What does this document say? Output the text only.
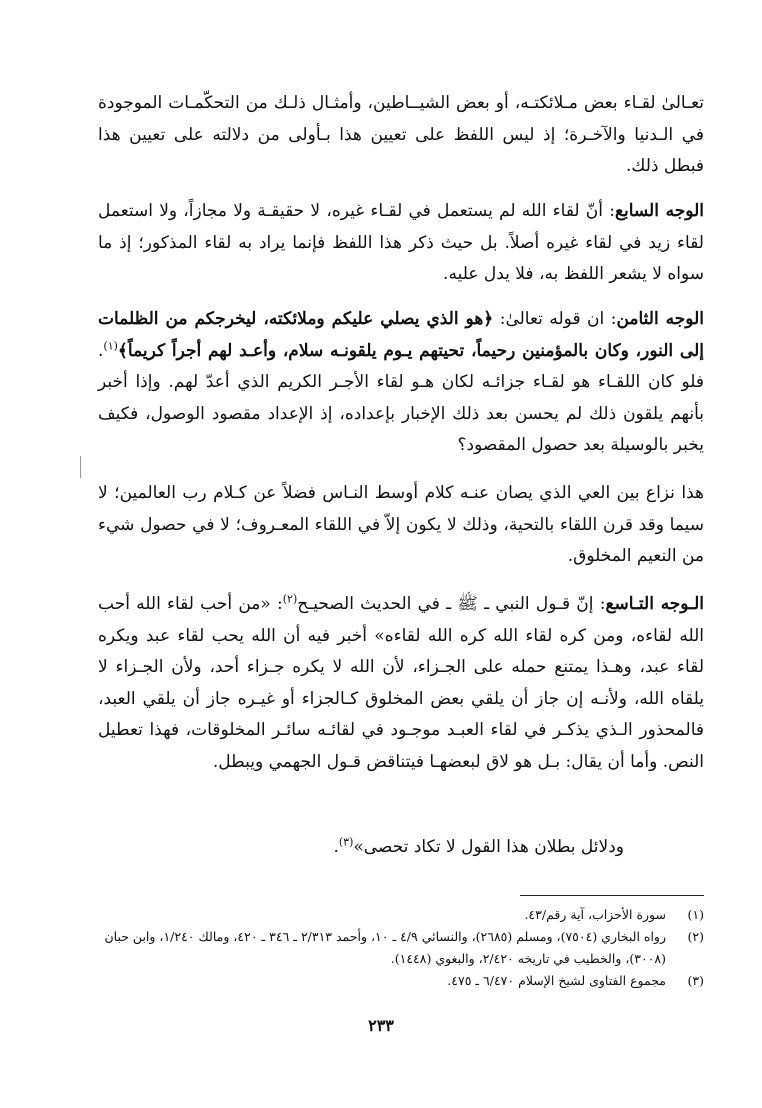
تعـالىٰ لقـاء بعض مـلائكتـه، أو بعض الشيــاطين، وأمثـال ذلـك من التحكّمـات الموجودة في الـدنيا والآخـرة؛ إذ ليس اللفظ على تعيين هذا بـأولى من دلالته على تعيين هذا فبطل ذلك.

الوجه السابع: أنّ لقاء الله لم يستعمل في لقـاء غيره، لا حقيقـة ولا مجازاً، ولا استعمل لقاء زيد في لقاء غيره أصلاً. بل حيث ذكر هذا اللفظ فإنما يراد به لقاء المذكور؛ إذ ما سواه لا يشعر اللفظ به، فلا يدل عليه.

الوجه الثامن: ان قوله تعالىٰ: ﴿هو الذي يصلي عليكم وملائكته، ليخرجكم من الظلمات إلى النور، وكان بالمؤمنين رحيماً، تحيتهم يـوم يلقونـه سلام، وأعـد لهم أجراً كريماً﴾$^{(١)}$. فلو كان اللقـاء هو لقـاء جزائـه لكان هـو لقاء الأجـر الكريم الذي أعدّ لهم. وإذا أخبر بأنهم يلقون ذلك لم يحسن بعد ذلك الإخبار بإعداده، إذ الإعداد مقصود الوصول، فكيف يخبر بالوسيلة بعد حصول المقصود؟

هذا نزاع بين العي الذي يصان عنـه كلام أوسط النـاس فضلاً عن كـلام رب العالمين؛ لا سيما وقد قرن اللقاء بالتحية، وذلك لا يكون إلاّ في اللقاء المعـروف؛ لا في حصول شيء من النعيم المخلوق.

الـوجه التـاسع: إنّ قـول النبي ـ ﷺ ـ في الحديث الصحيـح$^{(٢)}$: «من أحب لقاء الله أحب الله لقاءه، ومن كره لقاء الله كره الله لقاءه» أخبر فيه أن الله يحب لقاء عبد ويكره لقاء عبد، وهـذا يمتنع حمله على الجـزاء، لأن الله لا يكره جـزاء أحد، ولأن الجـزاء لا يلقاه الله، ولأنـه إن جاز أن يلقي بعض المخلوق كـالجزاء أو غيـره جاز أن يلقي العبد، فالمحذور الـذي يذكـر في لقاء العبـد موجـود في لقائـه سائـر المخلوقات، فهذا تعطيل النص. وأما أن يقال: بـل هو لاق لبعضهـا فيتناقض قـول الجهمي ويبطل.

ودلائل بطلان هذا القول لا تكاد تحصى»$^{(٣)}$.

(١)
سورة الأحزاب، آية رقم/٤٣.

(٢)
رواه البخاري (٧٥٠٤)، ومسلم (٢٦٨٥)، والنسائي ٤/٩ ـ ١٠، وأحمد ٢/٣١٣ ـ ٣٤٦ ـ ٤٢٠، ومالك ١/٢٤٠، وابن حبان (٣٠٠٨)، والخطيب في تاريخه ٢/٤٢٠، والبغوي (١٤٤٨).

(٣)
مجموع الفتاوى لشيخ الإسلام ٦/٤٧٠ ـ ٤٧٥.

٢٣٣
